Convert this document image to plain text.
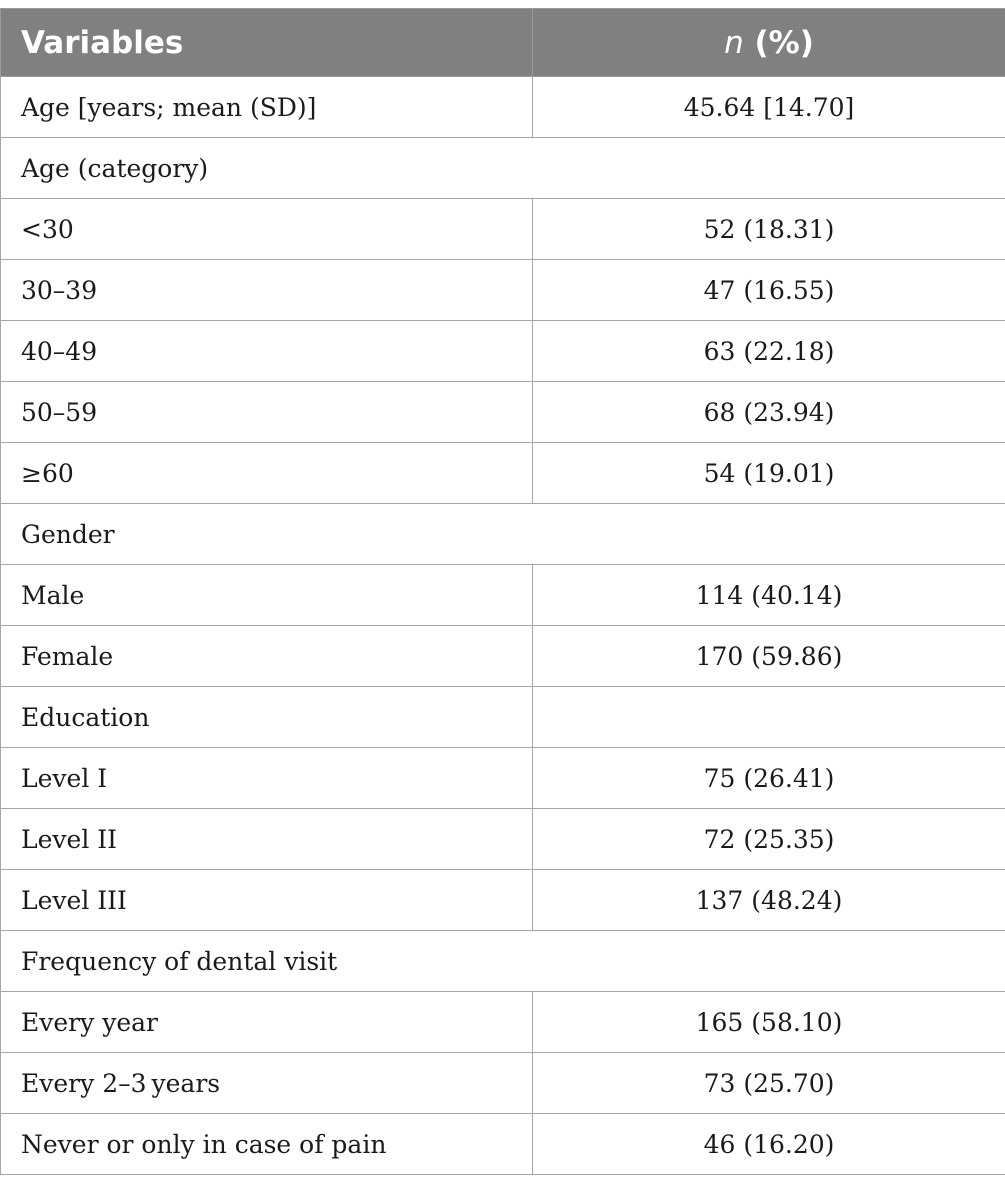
Variables	n (%)
Age [years; mean (SD)]	45.64 [14.70]
Age (category)	
<30	52 (18.31)
30–39	47 (16.55)
40–49	63 (22.18)
50–59	68 (23.94)
≥60	54 (19.01)
Gender	
Male	114 (40.14)
Female	170 (59.86)
Education	
Level I	75 (26.41)
Level II	72 (25.35)
Level III	137 (48.24)
Frequency of dental visit	
Every year	165 (58.10)
Every 2–3 years	73 (25.70)
Never or only in case of pain	46 (16.20)
